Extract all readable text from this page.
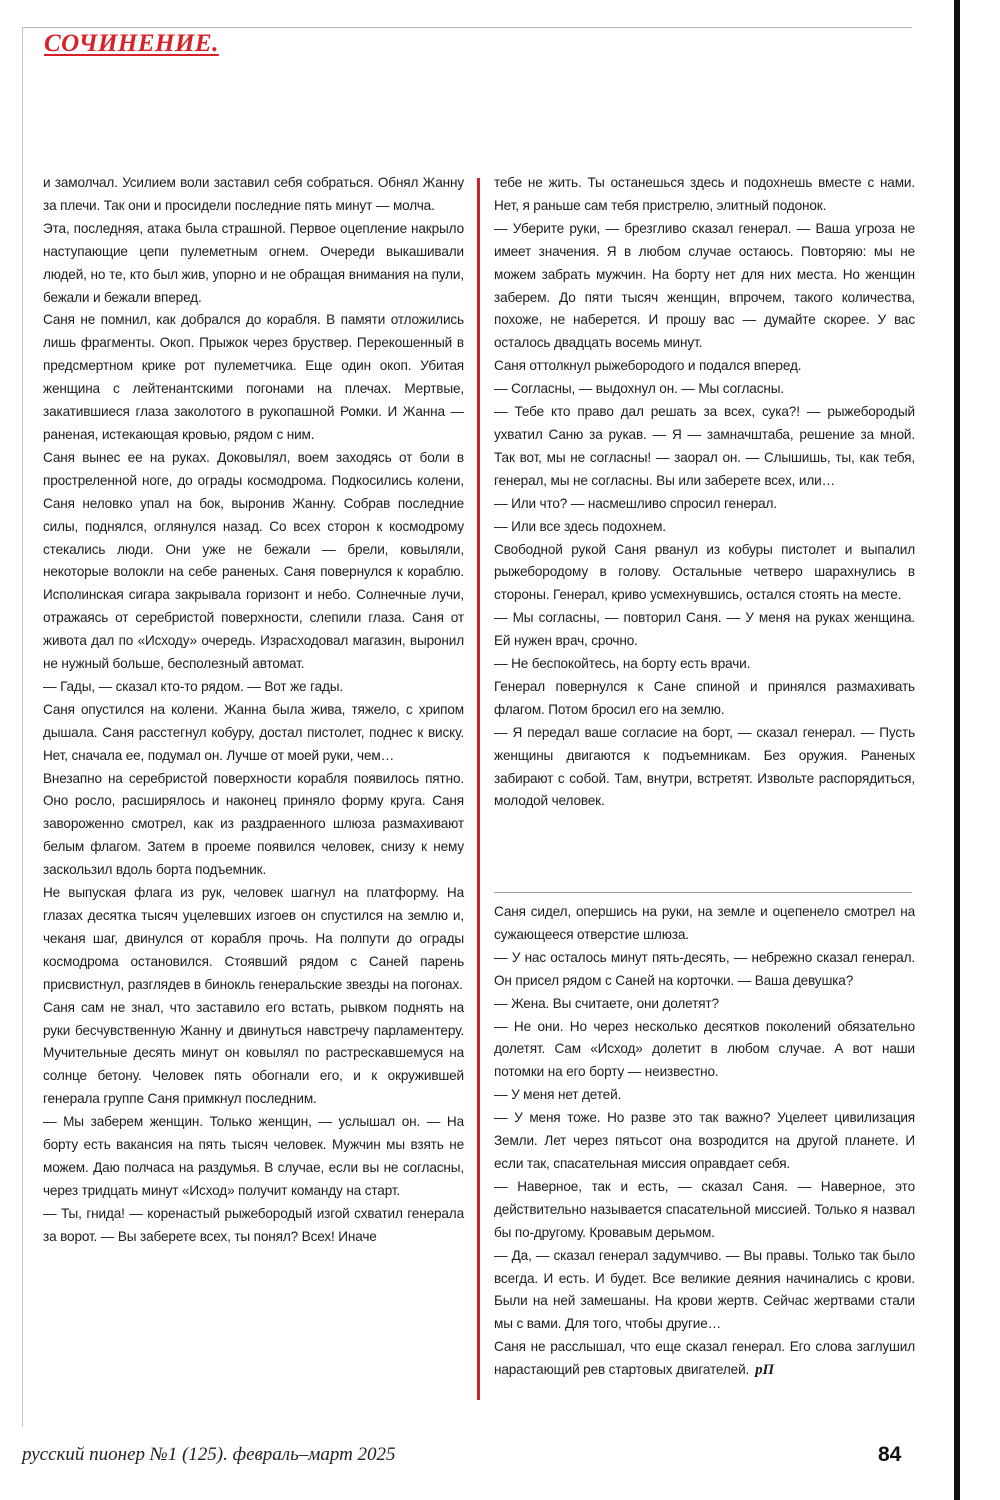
СОЧИНЕНИЕ.

и замолчал. Усилием воли заставил себя собраться. Обнял Жанну за плечи. Так они и просидели последние пять минут — молча.

Эта, последняя, атака была страшной. Первое оцепление накрыло наступающие цепи пулеметным огнем. Очереди выкашивали людей, но те, кто был жив, упорно и не обращая внимания на пули, бежали и бежали вперед.

Саня не помнил, как добрался до корабля. В памяти отложились лишь фрагменты. Окоп. Прыжок через бруствер. Перекошенный в предсмертном крике рот пулеметчика. Еще один окоп. Убитая женщина с лейтенантскими погонами на плечах. Мертвые, закатившиеся глаза заколотого в рукопашной Ромки. И Жанна — раненая, истекающая кровью, рядом с ним.

Саня вынес ее на руках. Доковылял, воем заходясь от боли в простреленной ноге, до ограды космодрома. Подкосились колени, Саня неловко упал на бок, выронив Жанну. Собрав последние силы, поднялся, оглянулся назад. Со всех сторон к космодрому стекались люди. Они уже не бежали — брели, ковыляли, некоторые волокли на себе раненых. Саня повернулся к кораблю. Исполинская сигара закрывала горизонт и небо. Солнечные лучи, отражаясь от серебристой поверхности, слепили глаза. Саня от живота дал по «Исходу» очередь. Израсходовал магазин, выронил не нужный больше, бесполезный автомат.

— Гады, — сказал кто-то рядом. — Вот же гады.

Саня опустился на колени. Жанна была жива, тяжело, с хрипом дышала. Саня расстегнул кобуру, достал пистолет, поднес к виску. Нет, сначала ее, подумал он. Лучше от моей руки, чем…

Внезапно на серебристой поверхности корабля появилось пятно. Оно росло, расширялось и наконец приняло форму круга. Саня завороженно смотрел, как из раздраенного шлюза размахивают белым флагом. Затем в проеме появился человек, снизу к нему заскользил вдоль борта подъемник.

Не выпуская флага из рук, человек шагнул на платформу. На глазах десятка тысяч уцелевших изгоев он спустился на землю и, чеканя шаг, двинулся от корабля прочь. На полпути до ограды космодрома остановился. Стоявший рядом с Саней парень присвистнул, разглядев в бинокль генеральские звезды на погонах.

Саня сам не знал, что заставило его встать, рывком поднять на руки бесчувственную Жанну и двинуться навстречу парламентеру. Мучительные десять минут он ковылял по растрескавшемуся на солнце бетону. Человек пять обогнали его, и к окружившей генерала группе Саня примкнул последним.

— Мы заберем женщин. Только женщин, — услышал он. — На борту есть вакансия на пять тысяч человек. Мужчин мы взять не можем. Даю полчаса на раздумья. В случае, если вы не согласны, через тридцать минут «Исход» получит команду на старт.

— Ты, гнида! — коренастый рыжебородый изгой схватил генерала за ворот. — Вы заберете всех, ты понял? Всех! Иначе

тебе не жить. Ты останешься здесь и подохнешь вместе с нами. Нет, я раньше сам тебя пристрелю, элитный подонок.

— Уберите руки, — брезгливо сказал генерал. — Ваша угроза не имеет значения. Я в любом случае остаюсь. Повторяю: мы не можем забрать мужчин. На борту нет для них места. Но женщин заберем. До пяти тысяч женщин, впрочем, такого количества, похоже, не наберется. И прошу вас — думайте скорее. У вас осталось двадцать восемь минут.

Саня оттолкнул рыжебородого и подался вперед.

— Согласны, — выдохнул он. — Мы согласны.

— Тебе кто право дал решать за всех, сука?! — рыжебородый ухватил Саню за рукав. — Я — замначштаба, решение за мной. Так вот, мы не согласны! — заорал он. — Слышишь, ты, как тебя, генерал, мы не согласны. Вы или заберете всех, или…

— Или что? — насмешливо спросил генерал.

— Или все здесь подохнем.

Свободной рукой Саня рванул из кобуры пистолет и выпалил рыжебородому в голову. Остальные четверо шарахнулись в стороны. Генерал, криво усмехнувшись, остался стоять на месте.

— Мы согласны, — повторил Саня. — У меня на руках женщина. Ей нужен врач, срочно.

— Не беспокойтесь, на борту есть врачи.

Генерал повернулся к Сане спиной и принялся размахивать флагом. Потом бросил его на землю.

— Я передал ваше согласие на борт, — сказал генерал. — Пусть женщины двигаются к подъемникам. Без оружия. Раненых забирают с собой. Там, внутри, встретят. Извольте распорядиться, молодой человек.

Саня сидел, опершись на руки, на земле и оцепенело смотрел на сужающееся отверстие шлюза.

— У нас осталось минут пять-десять, — небрежно сказал генерал. Он присел рядом с Саней на корточки. — Ваша девушка?

— Жена. Вы считаете, они долетят?

— Не они. Но через несколько десятков поколений обязательно долетят. Сам «Исход» долетит в любом случае. А вот наши потомки на его борту — неизвестно.

— У меня нет детей.

— У меня тоже. Но разве это так важно? Уцелеет цивилизация Земли. Лет через пятьсот она возродится на другой планете. И если так, спасательная миссия оправдает себя.

— Наверное, так и есть, — сказал Саня. — Наверное, это действительно называется спасательной миссией. Только я назвал бы по-другому. Кровавым дерьмом.

— Да, — сказал генерал задумчиво. — Вы правы. Только так было всегда. И есть. И будет. Все великие деяния начинались с крови. Были на ней замешаны. На крови жертв. Сейчас жертвами стали мы с вами. Для того, чтобы другие…

Саня не расслышал, что еще сказал генерал. Его слова заглушил нарастающий рев стартовых двигателей. рП

русский пионер №1 (125). февраль–март 2025	84
